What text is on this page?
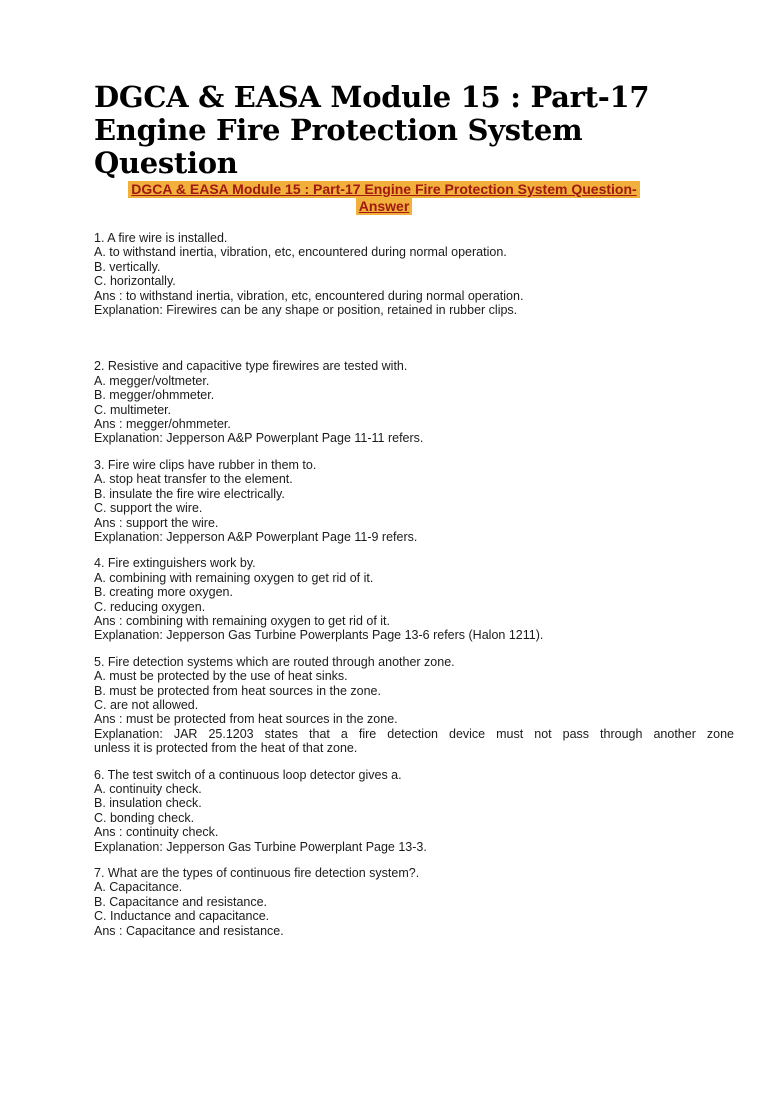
DGCA & EASA Module 15 : Part-17
Engine Fire Protection System
Question
DGCA & EASA Module 15 : Part-17 Engine Fire Protection System Question-
Answer
1. A fire wire is installed.
A. to withstand inertia, vibration, etc, encountered during normal operation.
B. vertically.
C. horizontally.
Ans : to withstand inertia, vibration, etc, encountered during normal operation.
Explanation: Firewires can be any shape or position, retained in rubber clips.
2. Resistive and capacitive type firewires are tested with.
A. megger/voltmeter.
B. megger/ohmmeter.
C. multimeter.
Ans : megger/ohmmeter.
Explanation: Jepperson A&P Powerplant Page 11-11 refers.
3. Fire wire clips have rubber in them to.
A. stop heat transfer to the element.
B. insulate the fire wire electrically.
C. support the wire.
Ans : support the wire.
Explanation: Jepperson A&P Powerplant Page 11-9 refers.
4. Fire extinguishers work by.
A. combining with remaining oxygen to get rid of it.
B. creating more oxygen.
C. reducing oxygen.
Ans : combining with remaining oxygen to get rid of it.
Explanation: Jepperson Gas Turbine Powerplants Page 13-6 refers (Halon 1211).
5. Fire detection systems which are routed through another zone.
A. must be protected by the use of heat sinks.
B. must be protected from heat sources in the zone.
C. are not allowed.
Ans : must be protected from heat sources in the zone.
Explanation: JAR 25.1203 states that a fire detection device must not pass through another zone
unless it is protected from the heat of that zone.
6. The test switch of a continuous loop detector gives a.
A. continuity check.
B. insulation check.
C. bonding check.
Ans : continuity check.
Explanation: Jepperson Gas Turbine Powerplant Page 13-3.
7. What are the types of continuous fire detection system?.
A. Capacitance.
B. Capacitance and resistance.
C. Inductance and capacitance.
Ans : Capacitance and resistance.
